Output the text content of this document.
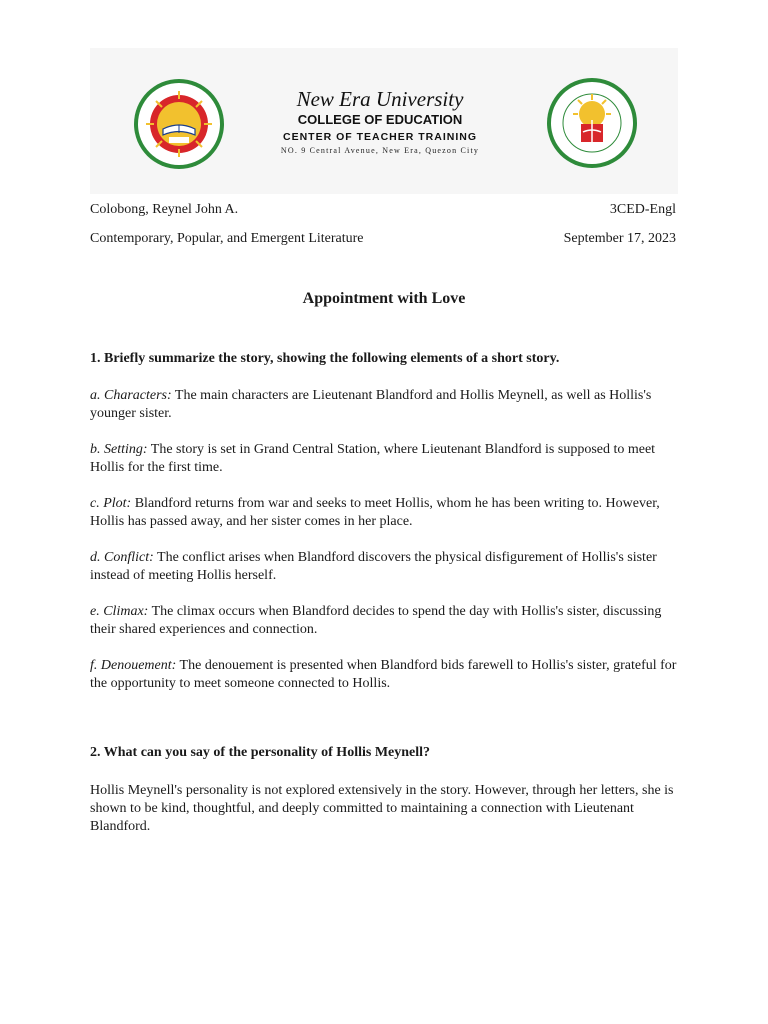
New Era University
COLLEGE OF EDUCATION
CENTER OF TEACHER TRAINING
NO. 9 Central Avenue, New Era, Quezon City
Colobong, Reynel John A.	3CED-Engl
Contemporary, Popular, and Emergent Literature	September 17, 2023
Appointment with Love
1. Briefly summarize the story, showing the following elements of a short story.
a. Characters: The main characters are Lieutenant Blandford and Hollis Meynell, as well as Hollis's younger sister.
b. Setting: The story is set in Grand Central Station, where Lieutenant Blandford is supposed to meet Hollis for the first time.
c. Plot: Blandford returns from war and seeks to meet Hollis, whom he has been writing to. However, Hollis has passed away, and her sister comes in her place.
d. Conflict: The conflict arises when Blandford discovers the physical disfigurement of Hollis's sister instead of meeting Hollis herself.
e. Climax: The climax occurs when Blandford decides to spend the day with Hollis's sister, discussing their shared experiences and connection.
f. Denouement: The denouement is presented when Blandford bids farewell to Hollis's sister, grateful for the opportunity to meet someone connected to Hollis.
2. What can you say of the personality of Hollis Meynell?
Hollis Meynell's personality is not explored extensively in the story. However, through her letters, she is shown to be kind, thoughtful, and deeply committed to maintaining a connection with Lieutenant Blandford.
